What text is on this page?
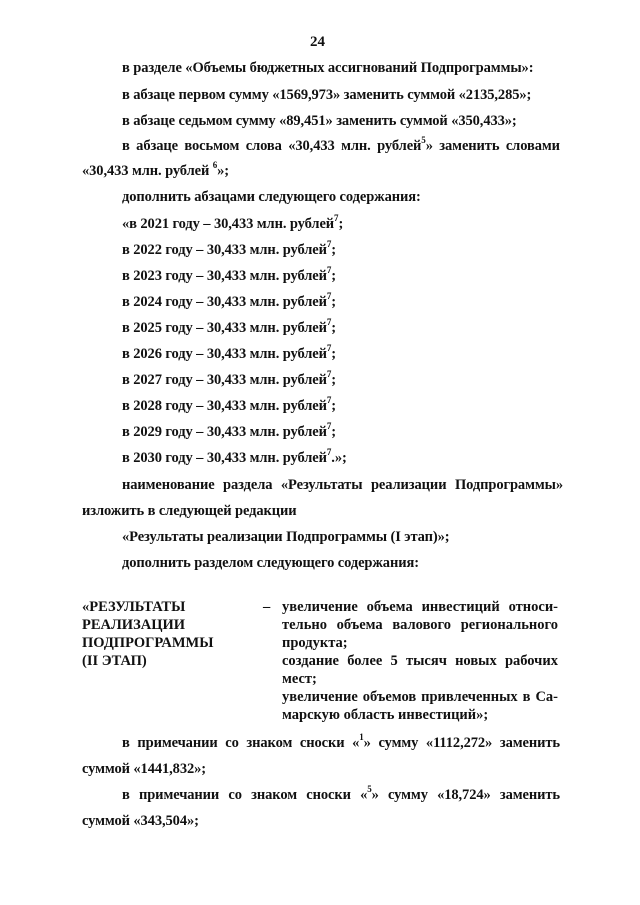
24
в разделе «Объемы бюджетных ассигнований Подпрограммы»:
в абзаце первом сумму «1569,973» заменить суммой «2135,285»;
в абзаце седьмом сумму «89,451» заменить суммой «350,433»;
в абзаце восьмом слова «30,433 млн. рублей$^5$» заменить словами
«30,433 млн. рублей $^6$»;
дополнить абзацами следующего содержания:
«в 2021 году – 30,433 млн. рублей$^7$;
в 2022 году – 30,433 млн. рублей$^7$;
в 2023 году – 30,433 млн. рублей$^7$;
в 2024 году – 30,433 млн. рублей$^7$;
в 2025 году – 30,433 млн. рублей$^7$;
в 2026 году – 30,433 млн. рублей$^7$;
в 2027 году – 30,433 млн. рублей$^7$;
в 2028 году – 30,433 млн. рублей$^7$;
в 2029 году – 30,433 млн. рублей$^7$;
в 2030 году – 30,433 млн. рублей$^7$.»;
наименование раздела «Результаты реализации Подпрограммы»
изложить в следующей редакции
«Результаты реализации Подпрограммы (I этап)»;
дополнить разделом следующего содержания:
«РЕЗУЛЬТАТЫ
РЕАЛИЗАЦИИ
ПОДПРОГРАММЫ
(II ЭТАП)
– увеличение объема инвестиций относи-
тельно объема валового регионального
продукта;
создание более 5 тысяч новых рабочих
мест;
увеличение объемов привлеченных в Са-
марскую область инвестиций»;
в примечании со знаком сноски «$^1$» сумму «1112,272» заменить
суммой «1441,832»;
в примечании со знаком сноски «$^5$» сумму «18,724» заменить
суммой «343,504»;
